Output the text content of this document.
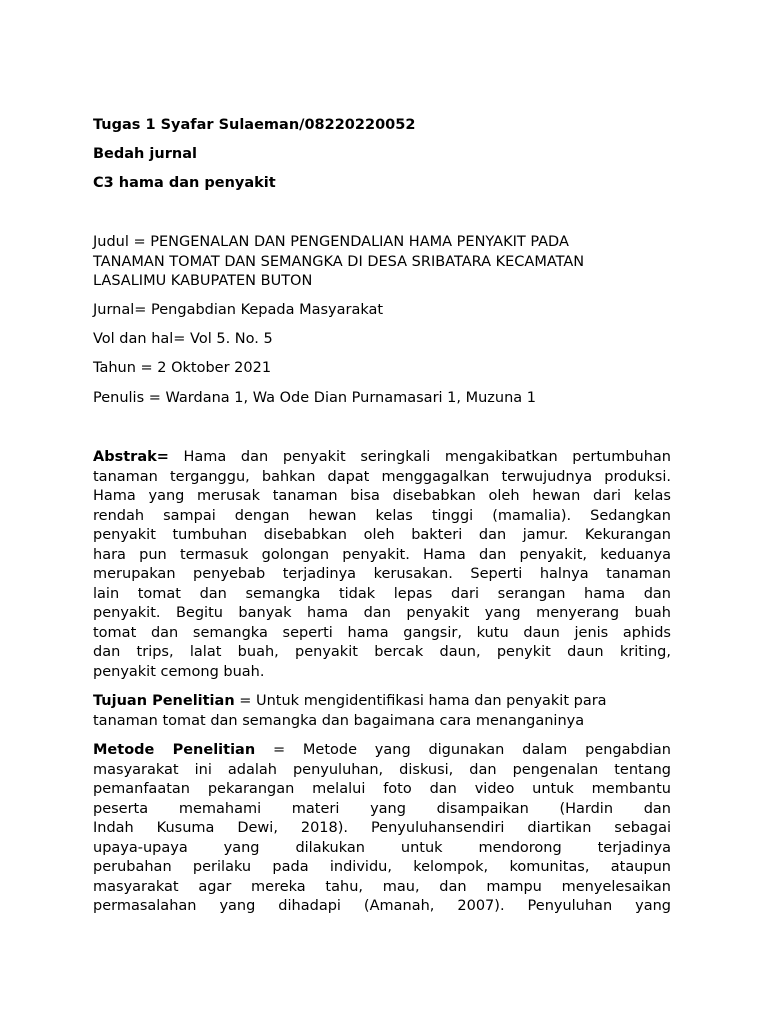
Tugas 1 Syafar Sulaeman/08220220052
Bedah jurnal
C3 hama dan penyakit
Judul = PENGENALAN DAN PENGENDALIAN HAMA PENYAKIT PADA
TANAMAN TOMAT DAN SEMANGKA DI DESA SRIBATARA KECAMATAN
LASALIMU KABUPATEN BUTON
Jurnal= Pengabdian Kepada Masyarakat
Vol dan hal= Vol 5. No. 5
Tahun = 2 Oktober 2021
Penulis = Wardana 1, Wa Ode Dian Purnamasari 1, Muzuna 1
Abstrak= Hama dan penyakit seringkali mengakibatkan pertumbuhan
tanaman terganggu, bahkan dapat menggagalkan terwujudnya produksi.
Hama yang merusak tanaman bisa disebabkan oleh hewan dari kelas
rendah sampai dengan hewan kelas tinggi (mamalia). Sedangkan
penyakit tumbuhan disebabkan oleh bakteri dan jamur. Kekurangan
hara pun termasuk golongan penyakit. Hama dan penyakit, keduanya
merupakan penyebab terjadinya kerusakan. Seperti halnya tanaman
lain tomat dan semangka tidak lepas dari serangan hama dan
penyakit. Begitu banyak hama dan penyakit yang menyerang buah
tomat dan semangka seperti hama gangsir, kutu daun jenis aphids
dan trips, lalat buah, penyakit bercak daun, penykit daun kriting,
penyakit cemong buah.
Tujuan Penelitian = Untuk mengidentifikasi hama dan penyakit para
tanaman tomat dan semangka dan bagaimana cara menanganinya
Metode Penelitian = Metode yang digunakan dalam pengabdian
masyarakat ini adalah penyuluhan, diskusi, dan pengenalan tentang
pemanfaatan pekarangan melalui foto dan video untuk membantu
peserta memahami materi yang disampaikan (Hardin dan
Indah Kusuma Dewi, 2018). Penyuluhansendiri diartikan sebagai
upaya-upaya yang dilakukan untuk mendorong terjadinya
perubahan perilaku pada individu, kelompok, komunitas, ataupun
masyarakat agar mereka tahu, mau, dan mampu menyelesaikan
permasalahan yang dihadapi (Amanah, 2007). Penyuluhan yang
